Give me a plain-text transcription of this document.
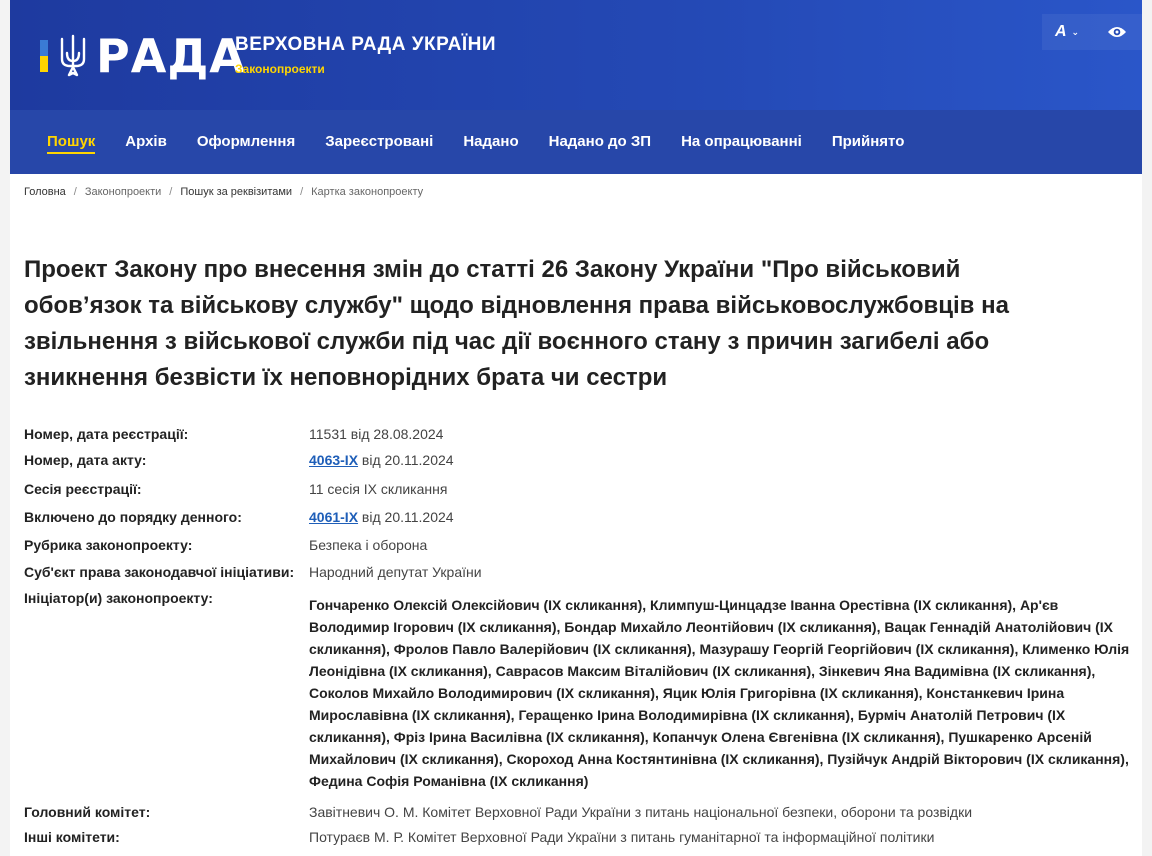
РАДА
ВЕРХОВНА РАДА УКРАЇНИ
Законопроекти
A ⌄
Пошук	Архів	Оформлення	Зареєстровані	Надано	Надано до ЗП	На опрацюванні	Прийнято
Головна / Законопроекти / Пошук за реквізитами / Картка законопроекту
Проект Закону про внесення змін до статті 26 Закону України "Про військовий обов’язок та військову службу" щодо відновлення права військовослужбовців на звільнення з військової служби під час дії воєнного стану з причин загибелі або зникнення безвісти їх неповнорідних брата чи сестри
Номер, дата реєстрації:	11531 від 28.08.2024
Номер, дата акту:	4063-IX від 20.11.2024
Сесія реєстрації:	11 сесія IX скликання
Включено до порядку денного:	4061-IX від 20.11.2024
Рубрика законопроекту:	Безпека і оборона
Суб'єкт права законодавчої ініціативи:	Народний депутат України
Ініціатор(и) законопроекту:	Гончаренко Олексій Олексійович (IX скликання), Климпуш-Цинцадзе Іванна Орестівна (IX скликання), Ар'єв Володимир Ігорович (IX скликання), Бондар Михайло Леонтійович (IX скликання), Вацак Геннадій Анатолійович (IX скликання), Фролов Павло Валерійович (IX скликання), Мазурашу Георгій Георгійович (IX скликання), Клименко Юлія Леонідівна (IX скликання), Саврасов Максим Віталійович (IX скликання), Зінкевич Яна Вадимівна (IX скликання), Соколов Михайло Володимирович (IX скликання), Яцик Юлія Григорівна (IX скликання), Констанкевич Ірина Мирославівна (IX скликання), Геращенко Ірина Володимирівна (IX скликання), Бурміч Анатолій Петрович (IX скликання), Фріз Ірина Василівна (IX скликання), Копанчук Олена Євгенівна (IX скликання), Пушкаренко Арсеній Михайлович (IX скликання), Скороход Анна Костянтинівна (IX скликання), Пузійчук Андрій Вікторович (IX скликання), Федина Софія Романівна (IX скликання)
Головний комітет:	Завітневич О. М. Комітет Верховної Ради України з питань національної безпеки, оборони та розвідки
Інші комітети:	Потураєв М. Р. Комітет Верховної Ради України з питань гуманітарної та інформаційної політики
